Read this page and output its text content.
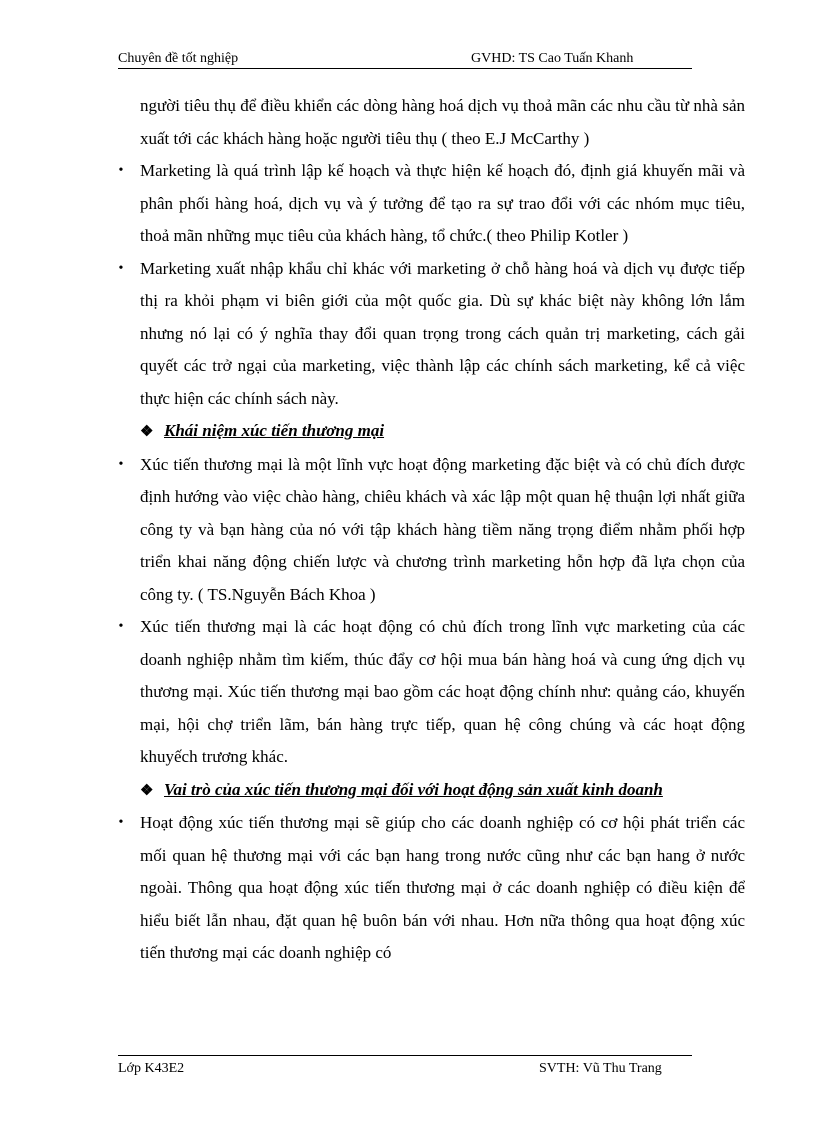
Chuyên đề tốt nghiệp	GVHD: TS Cao Tuấn Khanh

người tiêu thụ để điều khiển các dòng hàng hoá dịch vụ thoả mãn các nhu cầu từ nhà sản xuất tới các khách hàng hoặc người tiêu thụ ( theo E.J McCarthy )

• Marketing là quá trình lập kế hoạch và thực hiện kế hoạch đó, định giá khuyến mãi và phân phối hàng hoá, dịch vụ và ý tưởng để tạo ra sự trao đổi với các nhóm mục tiêu, thoả mãn những mục tiêu của khách hàng, tổ chức.( theo Philip Kotler )

• Marketing xuất nhập khẩu chỉ khác với marketing ở chỗ hàng hoá và dịch vụ được tiếp thị ra khỏi phạm vi biên giới của một quốc gia. Dù sự khác biệt này không lớn lắm nhưng nó lại có ý nghĩa thay đổi quan trọng trong cách quản trị marketing, cách gải quyết các trở ngại của marketing, việc thành lập các chính sách marketing, kể cả việc thực hiện các chính sách này.

❖ Khái niệm xúc tiến thương mại

• Xúc tiến thương mại là một lĩnh vực hoạt động marketing đặc biệt và có chủ đích được định hướng vào việc chào hàng, chiêu khách và xác lập một quan hệ thuận lợi nhất giữa công ty và bạn hàng của nó với tập khách hàng tiềm năng trọng điểm nhằm phối hợp triển khai năng động chiến lược và chương trình marketing hỗn hợp đã lựa chọn của công ty. ( TS.Nguyễn Bách Khoa )

• Xúc tiến thương mại là các hoạt động có chủ đích trong lĩnh vực marketing của các doanh nghiệp nhằm tìm kiếm, thúc đẩy cơ hội mua bán hàng hoá và cung ứng dịch vụ thương mại. Xúc tiến thương mại bao gồm các hoạt động chính như: quảng cáo, khuyến mại, hội chợ triển lãm, bán hàng trực tiếp, quan hệ công chúng và các hoạt động khuyếch trương khác.

❖ Vai trò của xúc tiến thương mại đối với hoạt động sản xuất kinh doanh

• Hoạt động xúc tiến thương mại sẽ giúp cho các doanh nghiệp có cơ hội phát triển các mối quan hệ thương mại với các bạn hang trong nước cũng như các bạn hang ở nước ngoài. Thông qua hoạt động xúc tiến thương mại ở các doanh nghiệp có điều kiện để hiểu biết lẫn nhau, đặt quan hệ buôn bán với nhau. Hơn nữa thông qua hoạt động xúc tiến thương mại các doanh nghiệp có

Lớp K43E2	SVTH: Vũ Thu Trang
